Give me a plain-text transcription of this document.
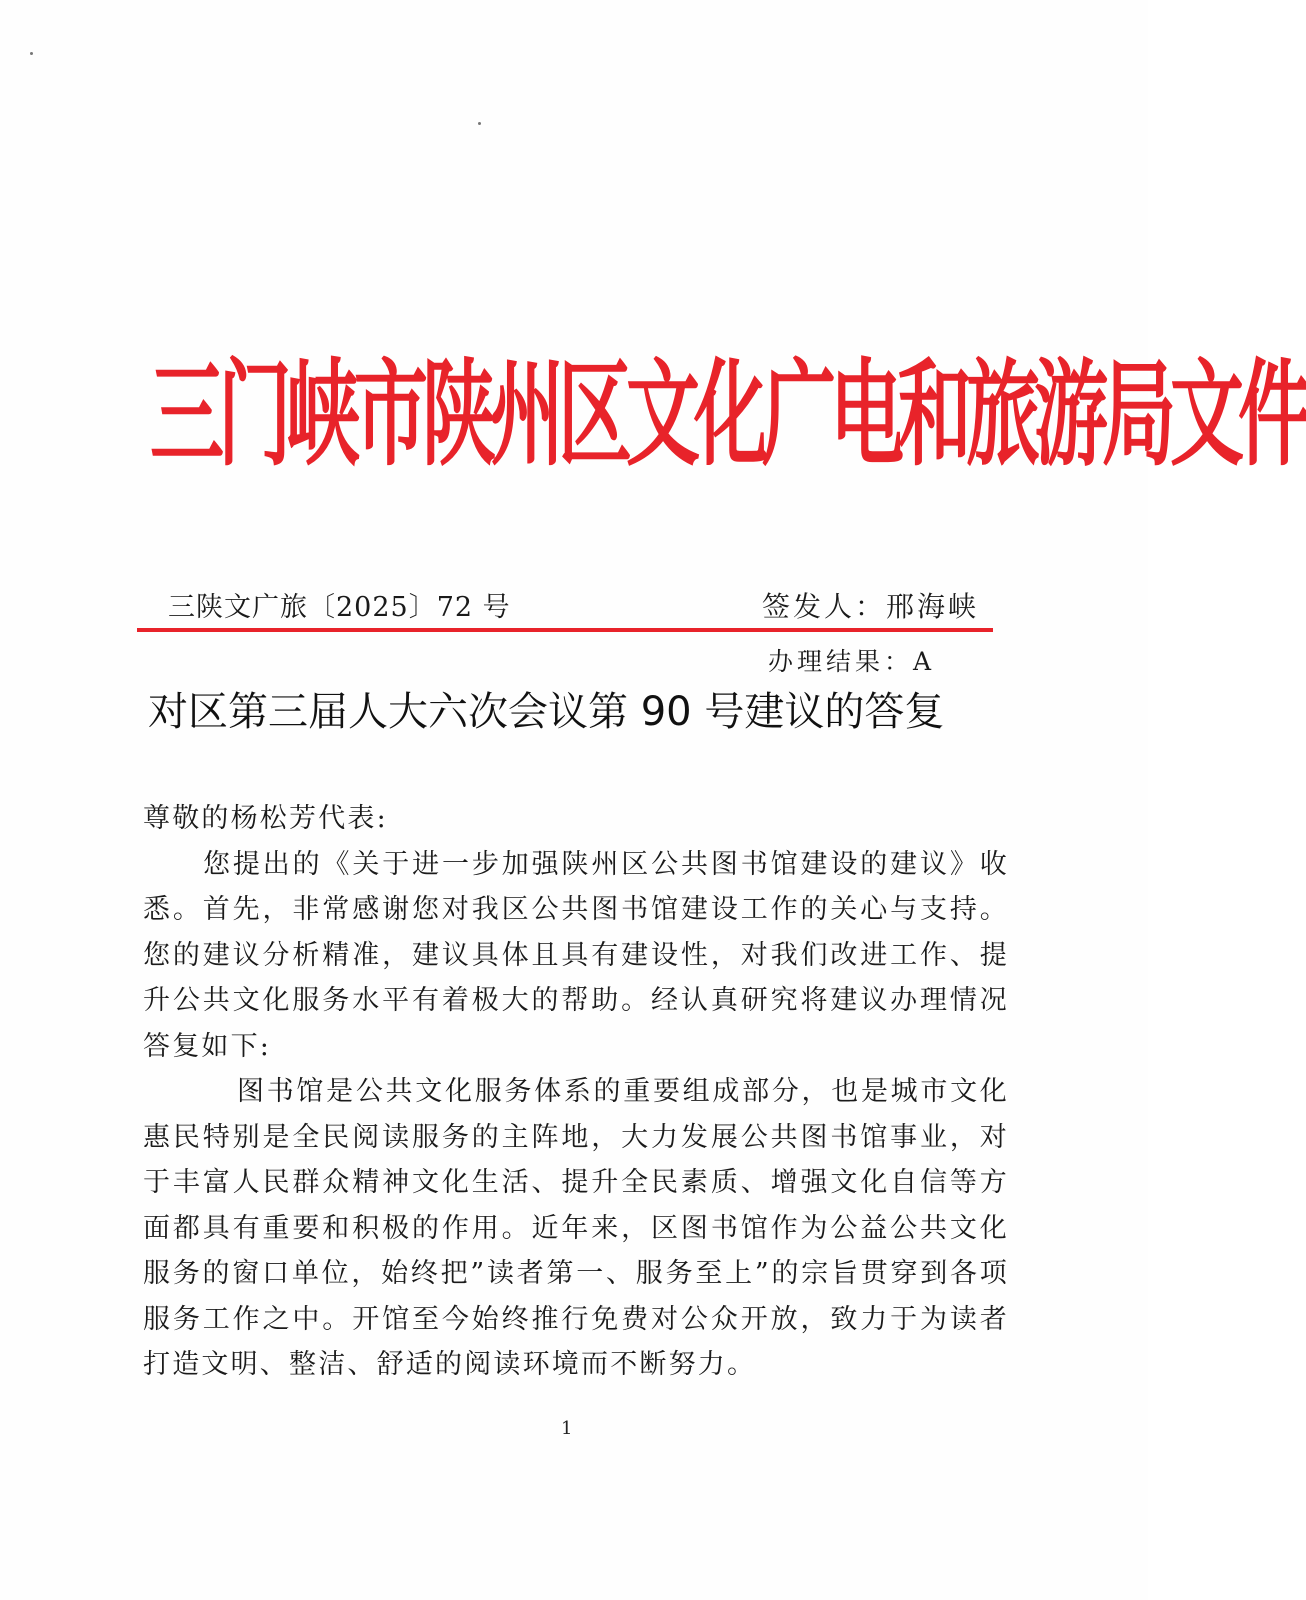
三门峡市陕州区文化广电和旅游局文件
三陕文广旅〔2025〕72 号	签发人：邢海峡
办理结果：A
对区第三届人大六次会议第 90 号建议的答复

尊敬的杨松芳代表:

您提出的《关于进一步加强陕州区公共图书馆建设的建议》收悉。首先，非常感谢您对我区公共图书馆建设工作的关心与支持。您的建议分析精准，建议具体且具有建设性，对我们改进工作、提升公共文化服务水平有着极大的帮助。经认真研究将建议办理情况答复如下:

图书馆是公共文化服务体系的重要组成部分，也是城市文化惠民特别是全民阅读服务的主阵地，大力发展公共图书馆事业，对于丰富人民群众精神文化生活、提升全民素质、增强文化自信等方面都具有重要和积极的作用。近年来，区图书馆作为公益公共文化服务的窗口单位，始终把”读者第一、服务至上”的宗旨贯穿到各项服务工作之中。开馆至今始终推行免费对公众开放，致力于为读者打造文明、整洁、舒适的阅读环境而不断努力。

1
